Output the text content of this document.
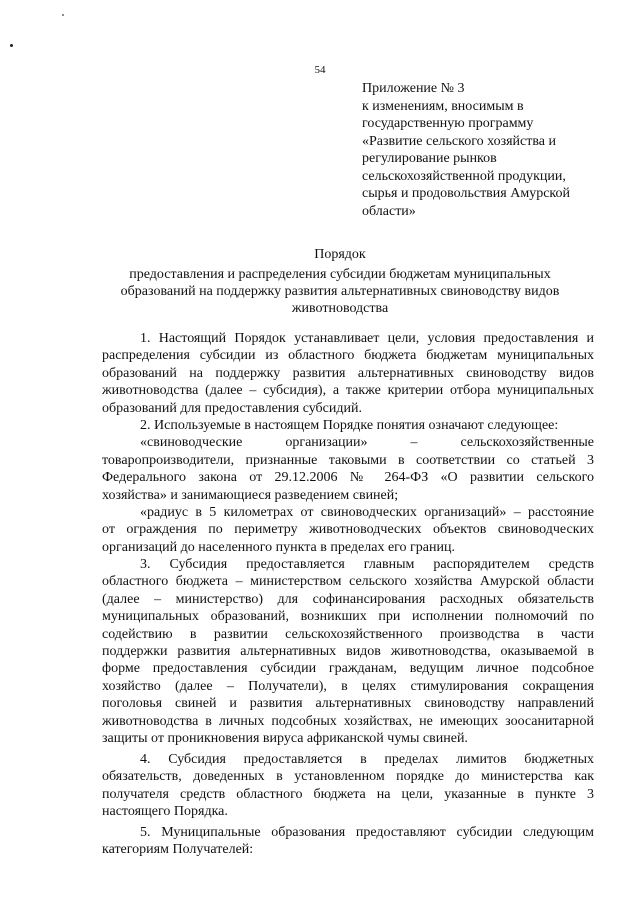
54
Приложение № 3
к изменениям, вносимым в
государственную программу
«Развитие сельского хозяйства и
регулирование рынков
сельскохозяйственной продукции,
сырья и продовольствия Амурской
области»
Порядок
предоставления и распределения субсидии бюджетам муниципальных
образований на поддержку развития альтернативных свиноводству видов
животноводства
1. Настоящий Порядок устанавливает цели, условия предоставления и
распределения субсидии из областного бюджета бюджетам муниципальных
образований на поддержку развития альтернативных свиноводству видов
животноводства (далее – субсидия), а также критерии отбора муниципальных
образований для предоставления субсидий.
2. Используемые в настоящем Порядке понятия означают следующее:
«свиноводческие организации» – сельскохозяйственные
товаропроизводители, признанные таковыми в соответствии со статьей 3
Федерального закона от 29.12.2006 № 264-ФЗ «О развитии сельского
хозяйства» и занимающиеся разведением свиней;
«радиус в 5 километрах от свиноводческих организаций» – расстояние
от ограждения по периметру животноводческих объектов свиноводческих
организаций до населенного пункта в пределах его границ.
3. Субсидия предоставляется главным распорядителем средств
областного бюджета – министерством сельского хозяйства Амурской области
(далее – министерство) для софинансирования расходных обязательств
муниципальных образований, возникших при исполнении полномочий по
содействию в развитии сельскохозяйственного производства в части
поддержки развития альтернативных видов животноводства, оказываемой в
форме предоставления субсидии гражданам, ведущим личное подсобное
хозяйство (далее – Получатели), в целях стимулирования сокращения
поголовья свиней и развития альтернативных свиноводству направлений
животноводства в личных подсобных хозяйствах, не имеющих зоосанитарной
защиты от проникновения вируса африканской чумы свиней.
4. Субсидия предоставляется в пределах лимитов бюджетных
обязательств, доведенных в установленном порядке до министерства как
получателя средств областного бюджета на цели, указанные в пункте 3
настоящего Порядка.
5. Муниципальные образования предоставляют субсидии следующим
категориям Получателей:
